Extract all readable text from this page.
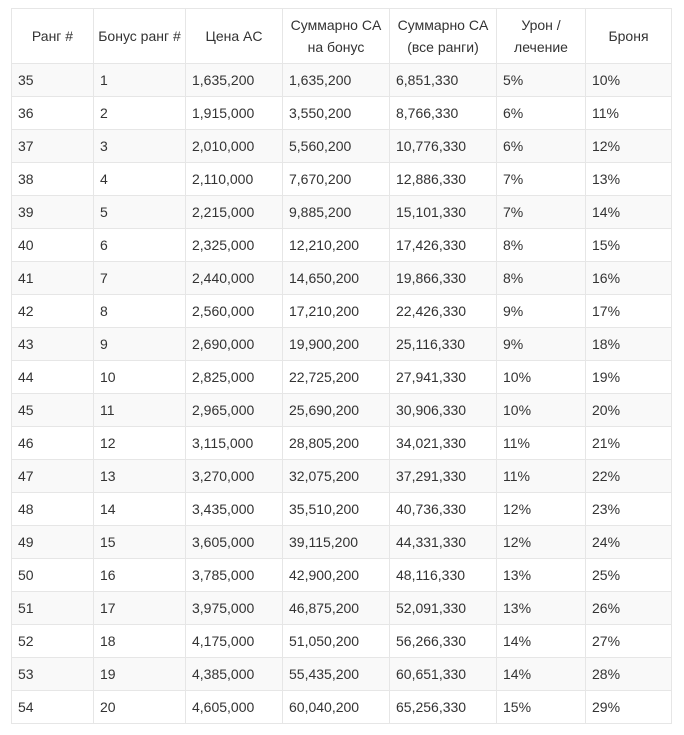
Ранг #	Бонус ранг #	Цена AC	Суммарно CA на бонус	Суммарно CA (все ранги)	Урон / лечение	Броня
35	1	1,635,200	1,635,200	6,851,330	5%	10%
36	2	1,915,000	3,550,200	8,766,330	6%	11%
37	3	2,010,000	5,560,200	10,776,330	6%	12%
38	4	2,110,000	7,670,200	12,886,330	7%	13%
39	5	2,215,000	9,885,200	15,101,330	7%	14%
40	6	2,325,000	12,210,200	17,426,330	8%	15%
41	7	2,440,000	14,650,200	19,866,330	8%	16%
42	8	2,560,000	17,210,200	22,426,330	9%	17%
43	9	2,690,000	19,900,200	25,116,330	9%	18%
44	10	2,825,000	22,725,200	27,941,330	10%	19%
45	11	2,965,000	25,690,200	30,906,330	10%	20%
46	12	3,115,000	28,805,200	34,021,330	11%	21%
47	13	3,270,000	32,075,200	37,291,330	11%	22%
48	14	3,435,000	35,510,200	40,736,330	12%	23%
49	15	3,605,000	39,115,200	44,331,330	12%	24%
50	16	3,785,000	42,900,200	48,116,330	13%	25%
51	17	3,975,000	46,875,200	52,091,330	13%	26%
52	18	4,175,000	51,050,200	56,266,330	14%	27%
53	19	4,385,000	55,435,200	60,651,330	14%	28%
54	20	4,605,000	60,040,200	65,256,330	15%	29%
